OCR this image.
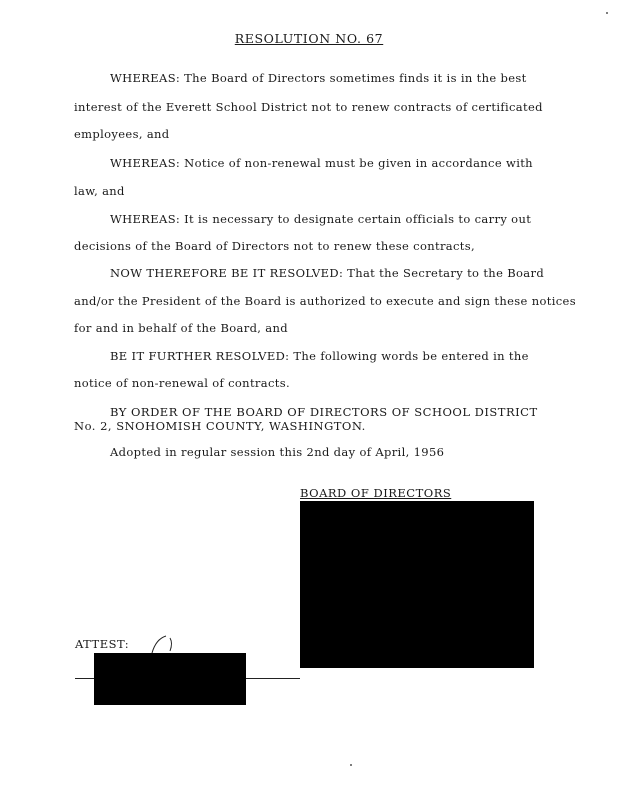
RESOLUTION NO. 67
WHEREAS: The Board of Directors sometimes finds it is in the best
interest of the Everett School District not to renew contracts of certificated
employees, and
WHEREAS: Notice of non-renewal must be given in accordance with
law, and
WHEREAS: It is necessary to designate certain officials to carry out
decisions of the Board of Directors not to renew these contracts,
NOW THEREFORE BE IT RESOLVED: That the Secretary to the Board
and/or the President of the Board is authorized to execute and sign these notices
for and in behalf of the Board, and
BE IT FURTHER RESOLVED: The following words be entered in the
notice of non-renewal of contracts.
BY ORDER OF THE BOARD OF DIRECTORS OF SCHOOL DISTRICT
No. 2, SNOHOMISH COUNTY, WASHINGTON.
Adopted in regular session this 2nd day of April, 1956
BOARD OF DIRECTORS
ATTEST:
